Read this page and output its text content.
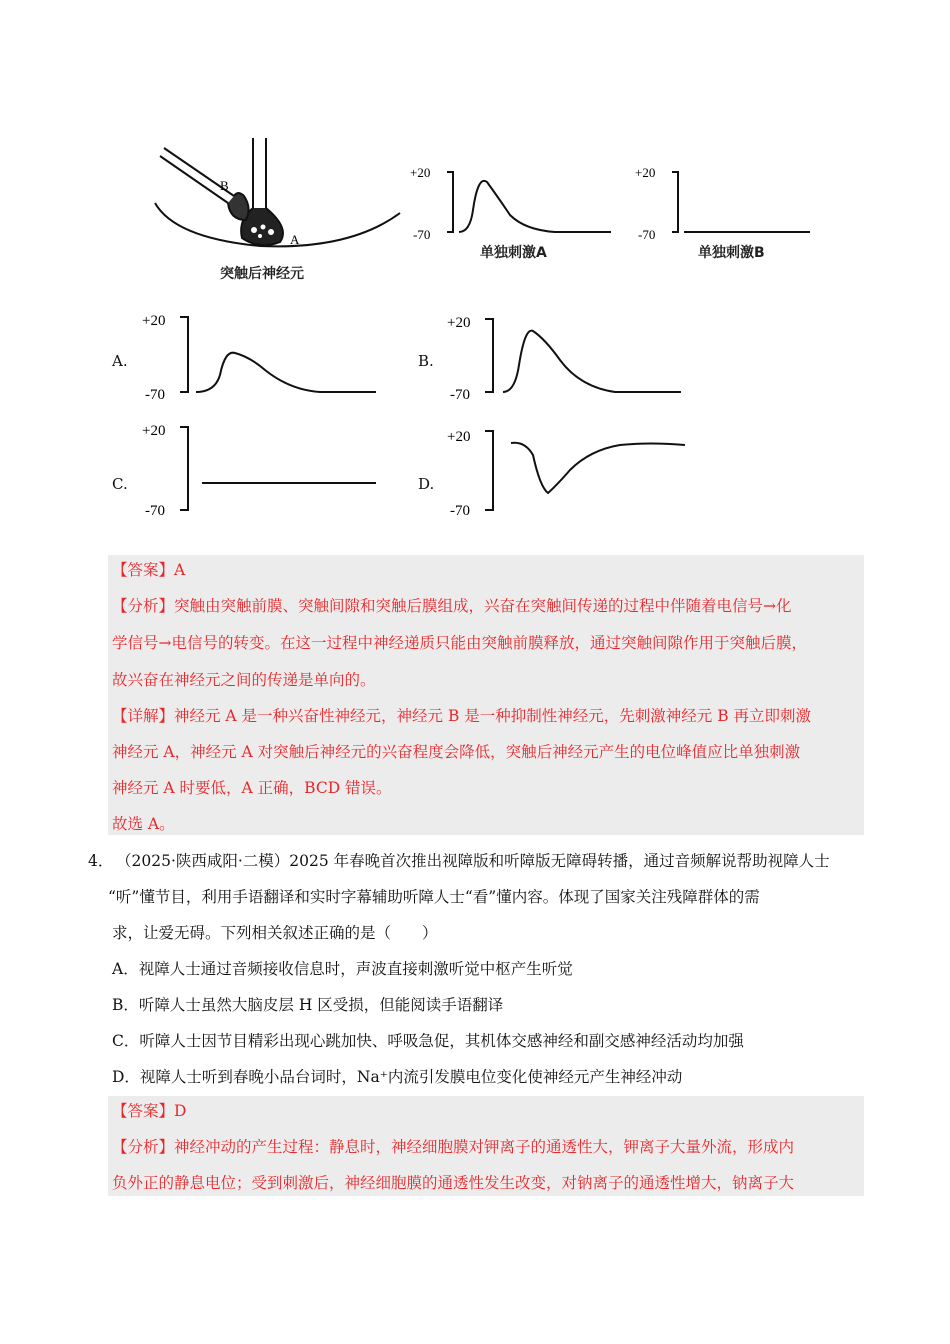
B
A
突触后神经元
+20
-70
单独刺激A
+20
-70
单独刺激B
A.
+20
-70
B.
+20
-70
C.
+20
-70
D.
+20
-70
【答案】A
【分析】突触由突触前膜、突触间隙和突触后膜组成，兴奋在突触间传递的过程中伴随着电信号→化
学信号→电信号的转变。在这一过程中神经递质只能由突触前膜释放，通过突触间隙作用于突触后膜，
故兴奋在神经元之间的传递是单向的。
【详解】神经元 A 是一种兴奋性神经元，神经元 B 是一种抑制性神经元，先刺激神经元 B 再立即刺激
神经元 A，神经元 A 对突触后神经元的兴奋程度会降低，突触后神经元产生的电位峰值应比单独刺激
神经元 A 时要低，A 正确，BCD 错误。
故选 A。
4． （2025·陕西咸阳·二模）2025 年春晚首次推出视障版和听障版无障碍转播，通过音频解说帮助视障人士
“听”懂节目，利用手语翻译和实时字幕辅助听障人士“看”懂内容。体现了国家关注残障群体的需
求，让爱无碍。下列相关叙述正确的是（　　）
A．视障人士通过音频接收信息时，声波直接刺激听觉中枢产生听觉
B．听障人士虽然大脑皮层 H 区受损，但能阅读手语翻译
C．听障人士因节目精彩出现心跳加快、呼吸急促，其机体交感神经和副交感神经活动均加强
D．视障人士听到春晚小品台词时，Na⁺内流引发膜电位变化使神经元产生神经冲动
【答案】D
【分析】神经冲动的产生过程：静息时，神经细胞膜对钾离子的通透性大，钾离子大量外流，形成内
负外正的静息电位；受到刺激后，神经细胞膜的通透性发生改变，对钠离子的通透性增大，钠离子大
